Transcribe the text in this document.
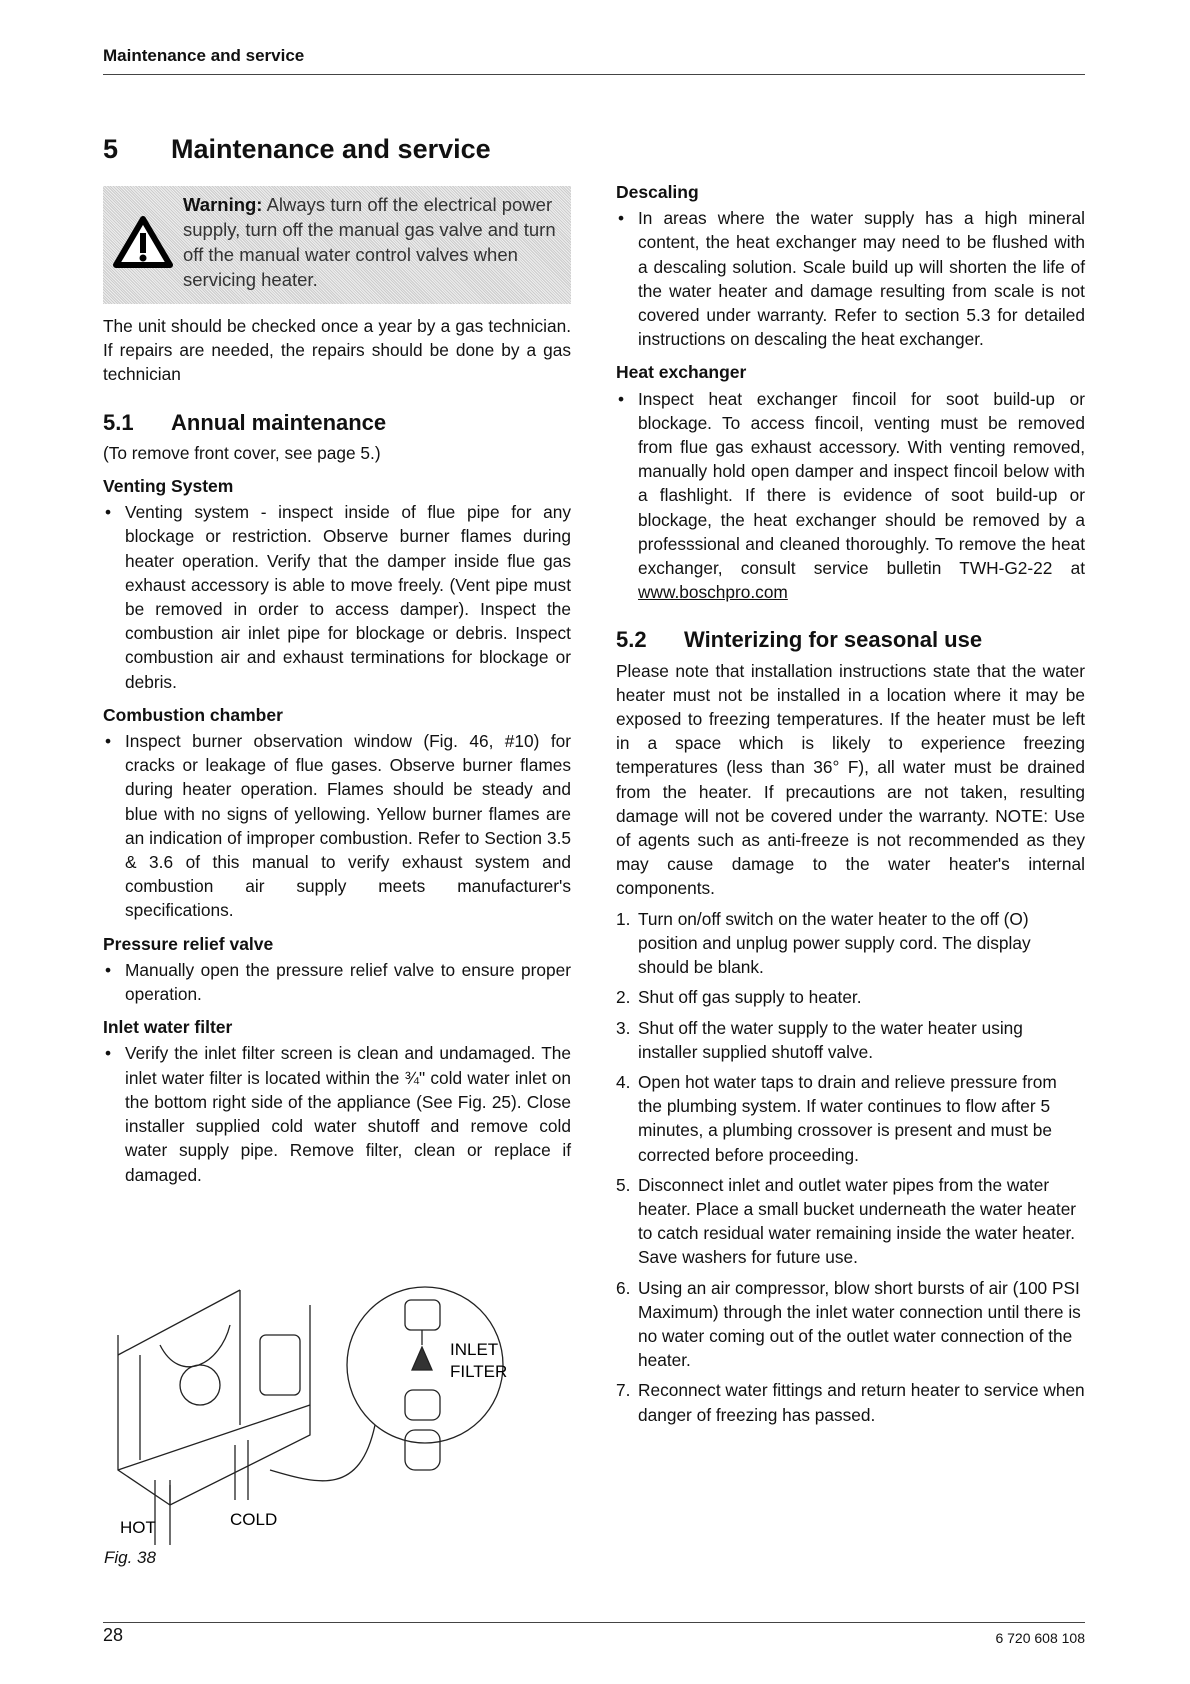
Maintenance and service
5 Maintenance and service
Warning: Always turn off the electrical power supply, turn off the manual gas valve and turn off the manual water control valves when servicing heater.

The unit should be checked once a year by a gas technician. If repairs are needed, the repairs should be done by a gas technician

5.1 Annual maintenance

(To remove front cover, see page 5.)

Venting System
• Venting system - inspect inside of flue pipe for any blockage or restriction. Observe burner flames during heater operation. Verify that the damper inside flue gas exhaust accessory is able to move freely. (Vent pipe must be removed in order to access damper). Inspect the combustion air inlet pipe for blockage or debris. Inspect combustion air and exhaust terminations for blockage or debris.
Combustion chamber
• Inspect burner observation window (Fig. 46, #10) for cracks or leakage of flue gases. Observe burner flames during heater operation. Flames should be steady and blue with no signs of yellowing. Yellow burner flames are an indication of improper combustion. Refer to Section 3.5 & 3.6 of this manual to verify exhaust system and combustion air supply meets manufacturer's specifications.
Pressure relief valve
• Manually open the pressure relief valve to ensure proper operation.
Inlet water filter
• Verify the inlet filter screen is clean and undamaged. The inlet water filter is located within the ¾" cold water inlet on the bottom right side of the appliance (See Fig. 25). Close installer supplied cold water shutoff and remove cold water supply pipe. Remove filter, clean or replace if damaged.
INLET
FILTER
HOT	COLD
Fig. 38
Descaling
• In areas where the water supply has a high mineral content, the heat exchanger may need to be flushed with a descaling solution. Scale build up will shorten the life of the water heater and damage resulting from scale is not covered under warranty. Refer to section 5.3 for detailed instructions on descaling the heat exchanger.
Heat exchanger
• Inspect heat exchanger fincoil for soot build-up or blockage. To access fincoil, venting must be removed from flue gas exhaust accessory. With venting removed, manually hold open damper and inspect fincoil below with a flashlight. If there is evidence of soot build-up or blockage, the heat exchanger should be removed by a professsional and cleaned thoroughly. To remove the heat exchanger, consult service bulletin TWH-G2-22 at www.boschpro.com
5.2 Winterizing for seasonal use

Please note that installation instructions state that the water heater must not be installed in a location where it may be exposed to freezing temperatures. If the heater must be left in a space which is likely to experience freezing temperatures (less than 36° F), all water must be drained from the heater. If precautions are not taken, resulting damage will not be covered under the warranty. NOTE: Use of agents such as anti-freeze is not recommended as they may cause damage to the water heater's internal components.

1. Turn on/off switch on the water heater to the off (O) position and unplug power supply cord. The display should be blank.
2. Shut off gas supply to heater.
3. Shut off the water supply to the water heater using installer supplied shutoff valve.
4. Open hot water taps to drain and relieve pressure from the plumbing system. If water continues to flow after 5 minutes, a plumbing crossover is present and must be corrected before proceeding.
5. Disconnect inlet and outlet water pipes from the water heater. Place a small bucket underneath the water heater to catch residual water remaining inside the water heater. Save washers for future use.
6. Using an air compressor, blow short bursts of air (100 PSI Maximum) through the inlet water connection until there is no water coming out of the outlet water connection of the heater.
7. Reconnect water fittings and return heater to service when danger of freezing has passed.
28	6 720 608 108
